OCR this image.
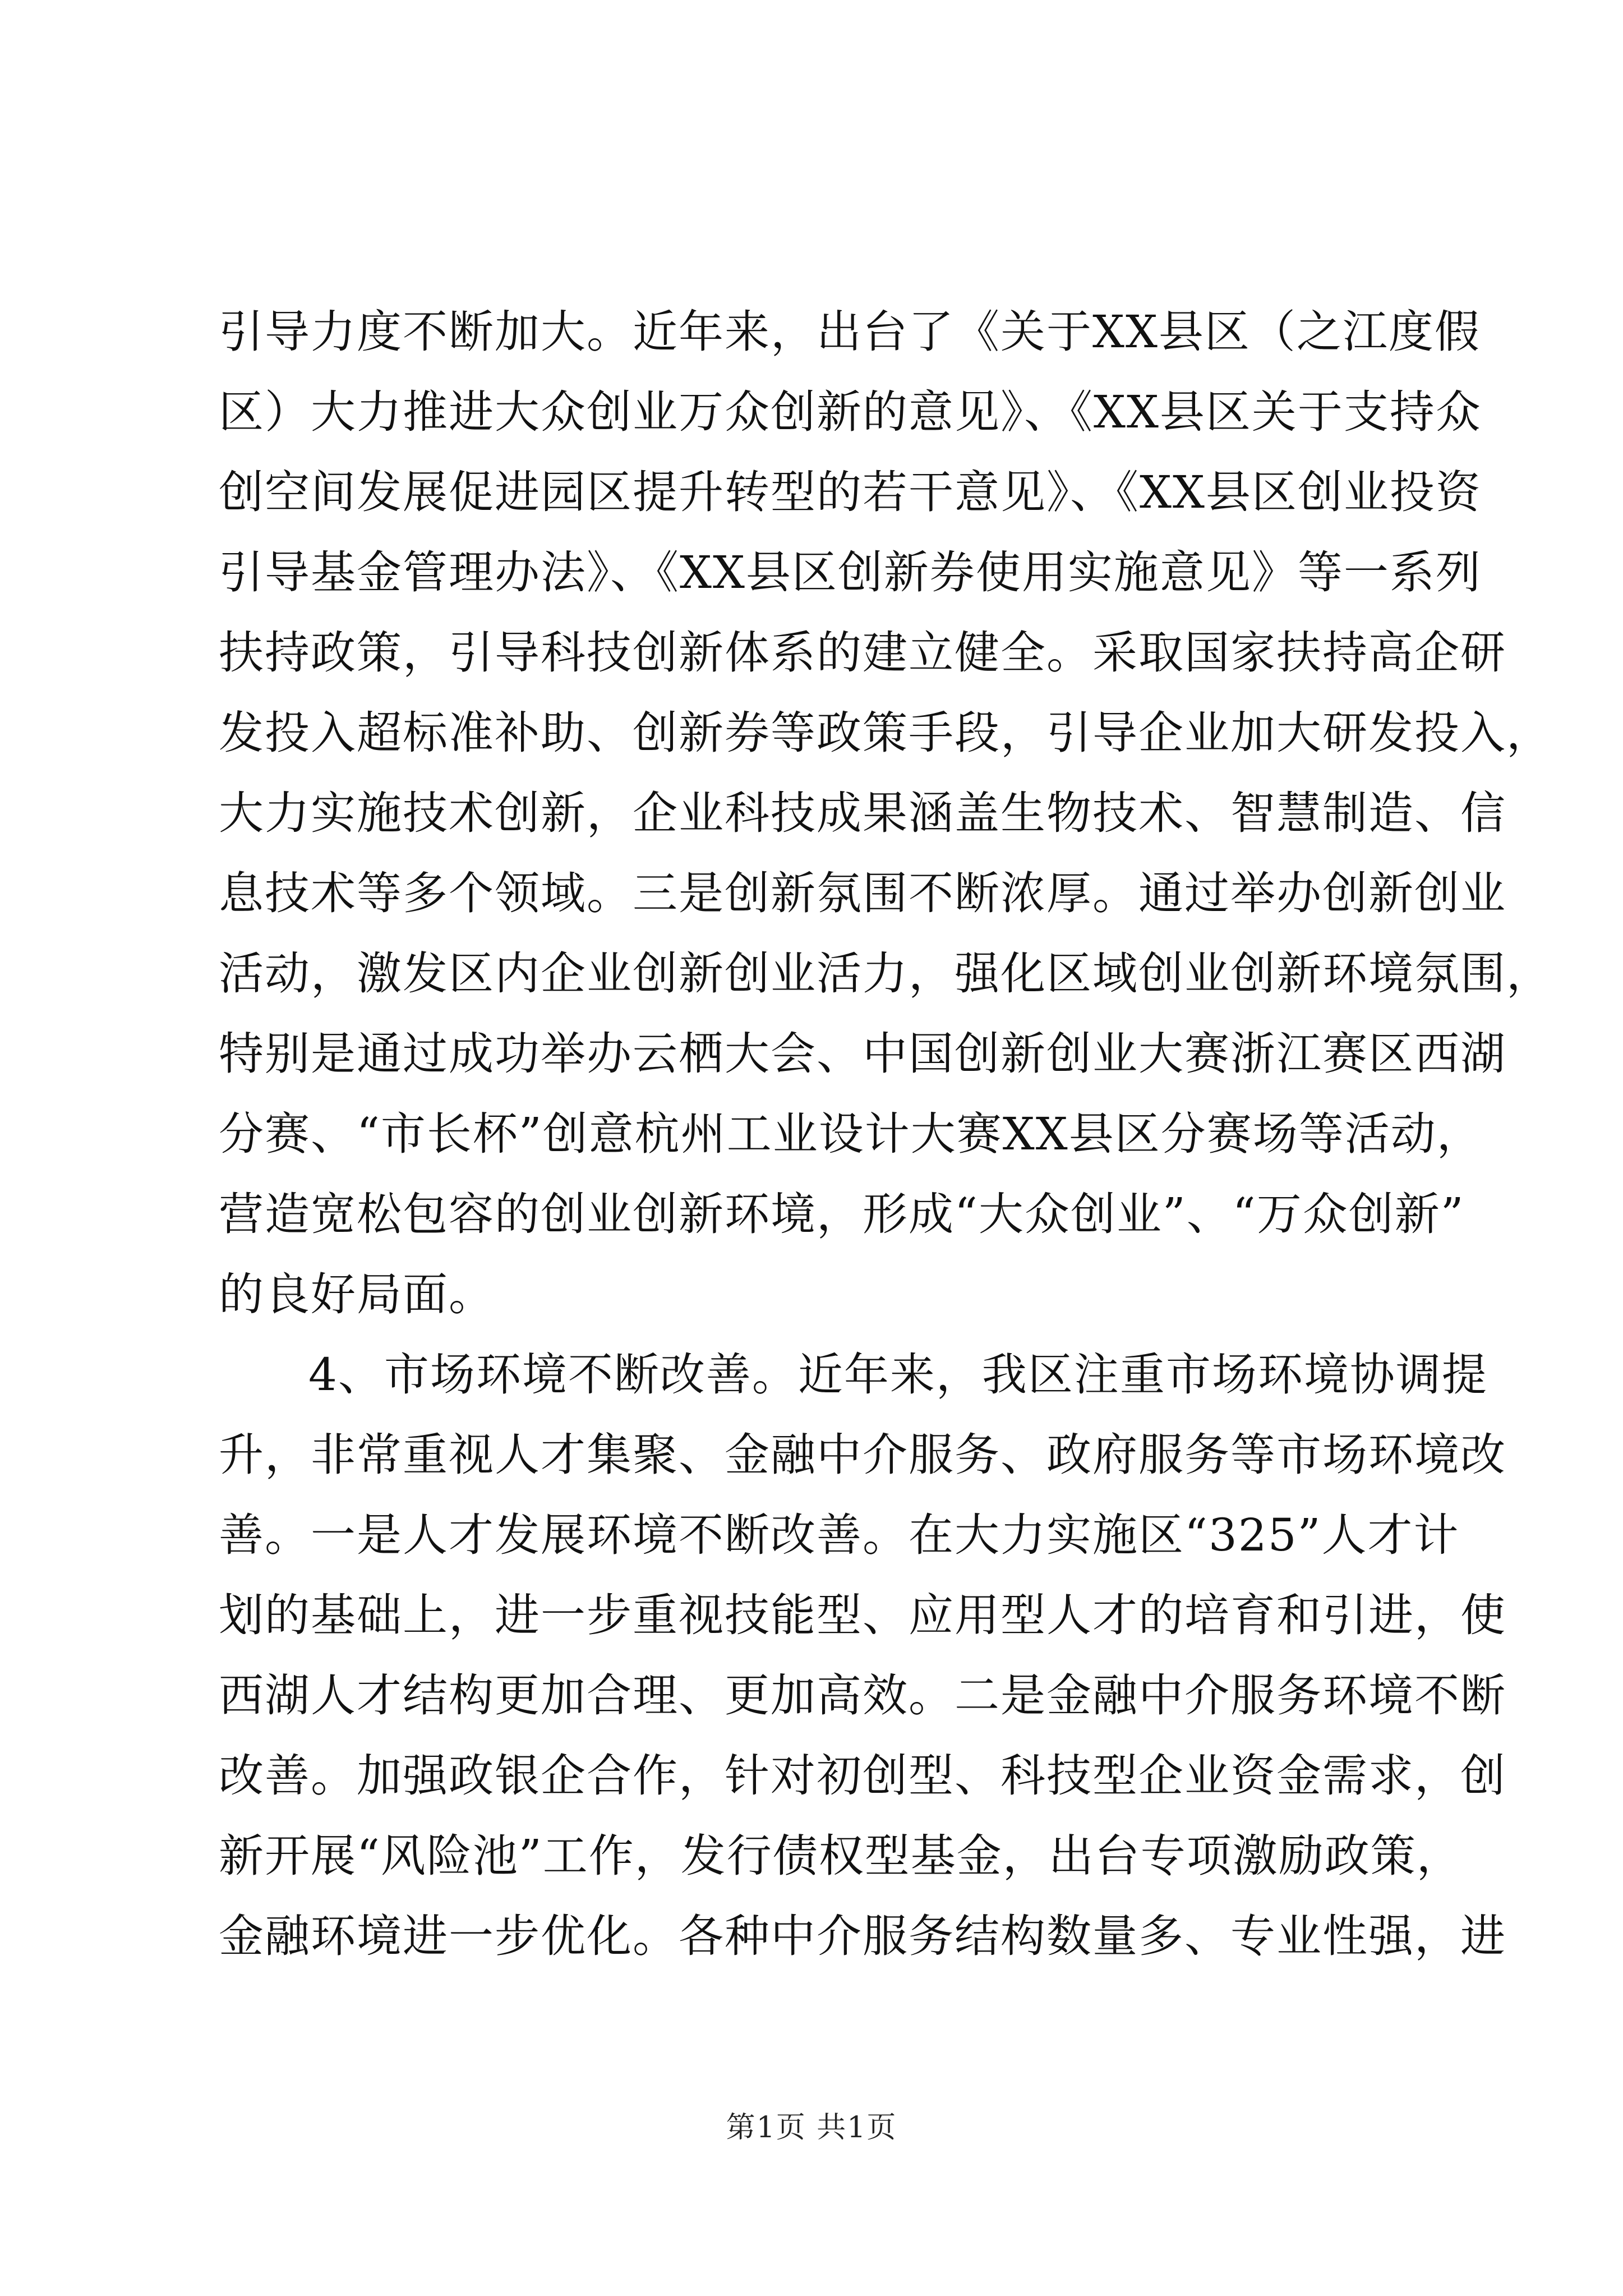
引导力度不断加大。近年来，出台了《关于XX县区（之江度假
区）大力推进大众创业万众创新的意见》、《XX县区关于支持众
创空间发展促进园区提升转型的若干意见》、《XX县区创业投资
引导基金管理办法》、《XX县区创新券使用实施意见》等一系列
扶持政策，引导科技创新体系的建立健全。采取国家扶持高企研
发投入超标准补助、创新券等政策手段，引导企业加大研发投入，
大力实施技术创新，企业科技成果涵盖生物技术、智慧制造、信
息技术等多个领域。三是创新氛围不断浓厚。通过举办创新创业
活动，激发区内企业创新创业活力，强化区域创业创新环境氛围，
特别是通过成功举办云栖大会、中国创新创业大赛浙江赛区西湖
分赛、“市长杯”创意杭州工业设计大赛XX县区分赛场等活动，
营造宽松包容的创业创新环境，形成“大众创业”、“万众创新”
的良好局面。
4、市场环境不断改善。近年来，我区注重市场环境协调提
升，非常重视人才集聚、金融中介服务、政府服务等市场环境改
善。一是人才发展环境不断改善。在大力实施区“325”人才计
划的基础上，进一步重视技能型、应用型人才的培育和引进，使
西湖人才结构更加合理、更加高效。二是金融中介服务环境不断
改善。加强政银企合作，针对初创型、科技型企业资金需求，创
新开展“风险池”工作，发行债权型基金，出台专项激励政策，
金融环境进一步优化。各种中介服务结构数量多、专业性强，进
第1页 共1页
